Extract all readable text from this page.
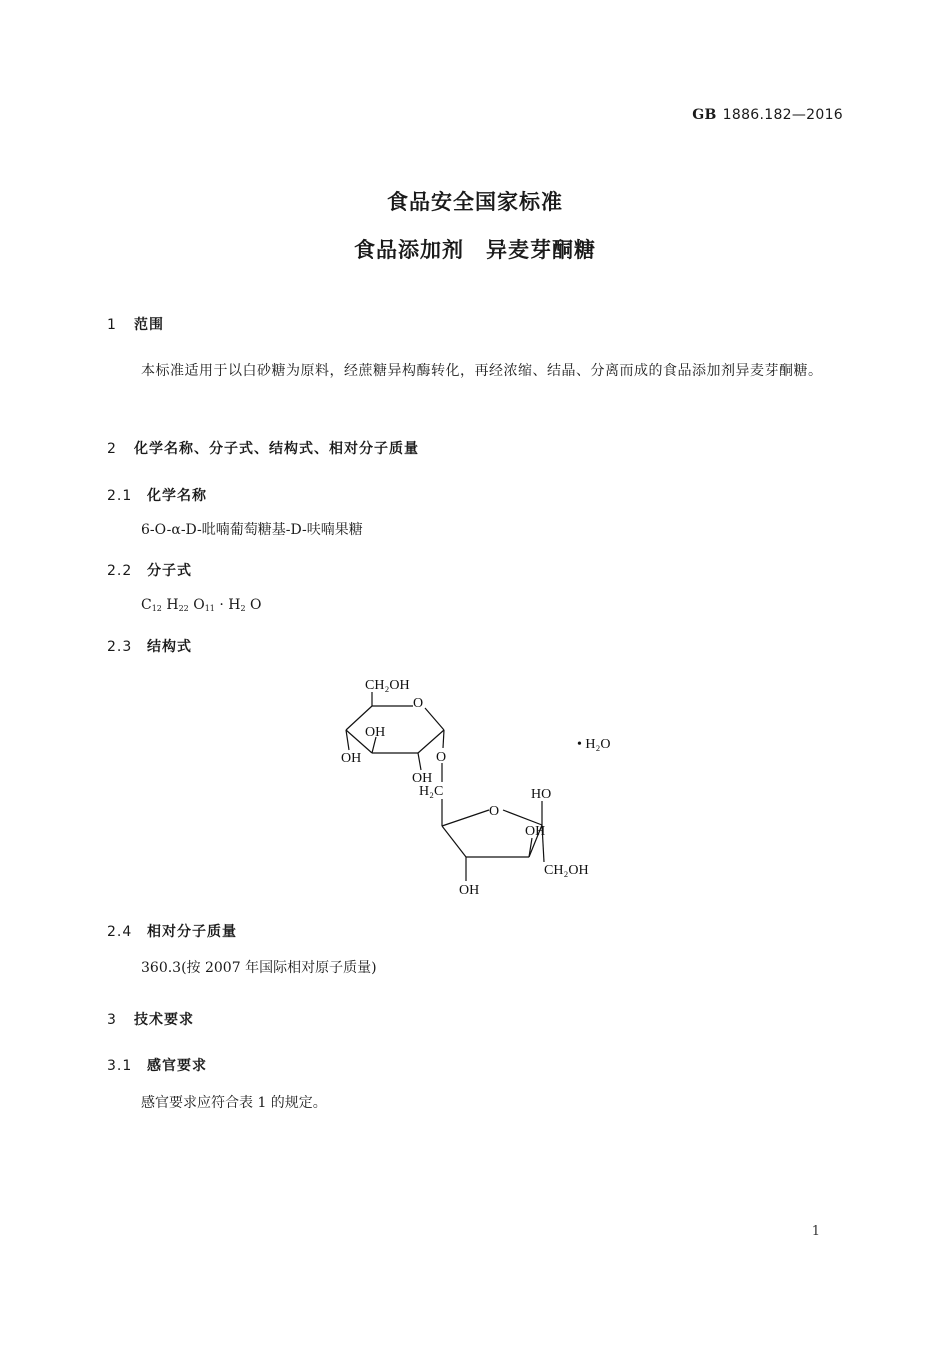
GB 1886.182—2016
食品安全国家标准
食品添加剂　异麦芽酮糖
1 范围
本标准适用于以白砂糖为原料，经蔗糖异构酶转化，再经浓缩、结晶、分离而成的食品添加剂异麦芽酮糖。
2 化学名称、分子式、结构式、相对分子质量
2.1 化学名称
6-O-α-D-吡喃葡萄糖基-D-呋喃果糖
2.2 分子式
$C_{12}$ $H_{22}$ $O_{11} \cdot H_2$ O
2.3 结构式
CH₂OH
O
OH
OH	O
OH
H₂C
O
HO
OH
CH₂OH
OH
• H₂O
2.4 相对分子质量
360.3(按 2007 年国际相对原子质量)
3 技术要求
3.1 感官要求
感官要求应符合表 1 的规定。
1
